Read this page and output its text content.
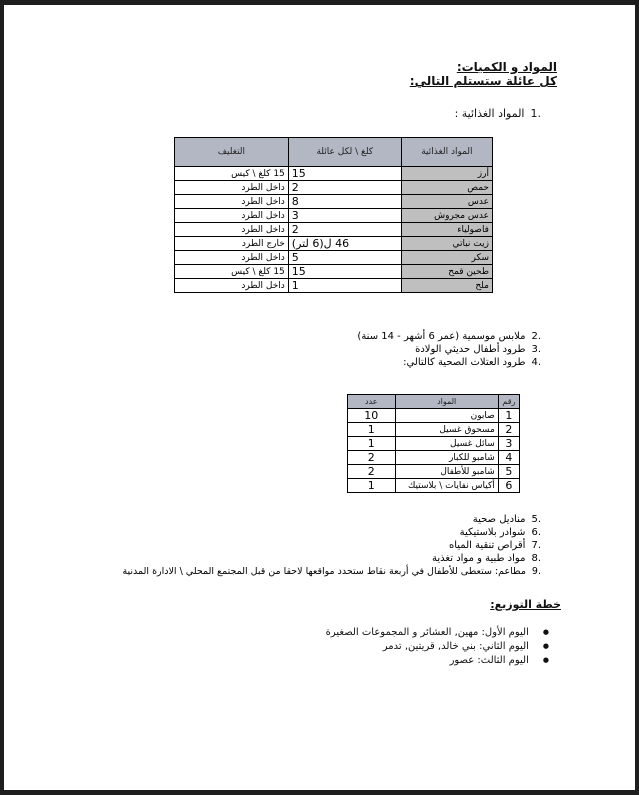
المواد و الكميات:
كل عائلة ستستلم التالي:
.1المواد الغذائية :
المواد الغذائية	كلغ \ لكل عائلة	التغليف
أرز	15	15 كلغ \ كيس
حمص	2	داخل الطرد
عدس	8	داخل الطرد
عدس مجروش	3	داخل الطرد
فاصولياء	2	داخل الطرد
زيت نباتي	46 ل(6 لتر)	خارج الطرد
سكر	5	داخل الطرد
طحين قمح	15	15 كلغ \ كيس
ملح	1	داخل الطرد
.2ملابس موسمية (عمر 6 أشهر - 14 سنة)
.3طرود أطفال حديثي الولادة
.4طرود العتلات الصحية كالتالي:
رقم	المواد	عدد
1	صابون	10
2	مسحوق غسيل	1
3	سائل غسيل	1
4	شامبو للكبار	2
5	شامبو للأطفال	2
6	أكياس نفايات \ بلاستيك	1
.5مناديل صحية
.6شوادر بلاستيكية
.7أقراص تنقية المياه
.8مواد طبية و مواد تغذية
.9مطاعم: ستعطى للأطفال في أربعة نقاط ستحدد مواقعها لاحقا من قبل المجتمع المحلي \ الادارة المدنية
خطة التوزيع:
● اليوم الأول: مهين, العشائر و المجموعات الصغيرة
● اليوم الثاني: بني خالد, قريتين, تدمر
● اليوم الثالث: عصور
